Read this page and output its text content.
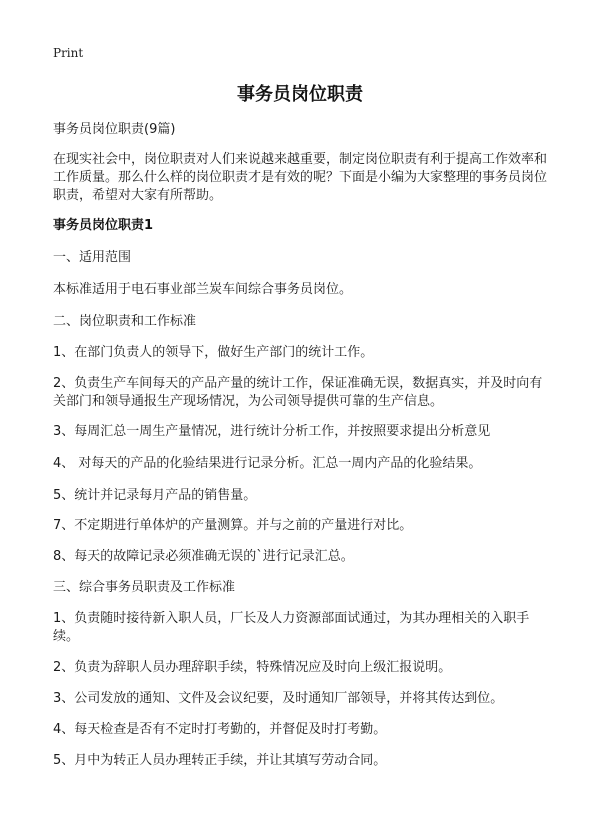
Print
事务员岗位职责
事务员岗位职责(9篇)
在现实社会中，岗位职责对人们来说越来越重要，制定岗位职责有利于提高工作效率和工作质量。那么什么样的岗位职责才是有效的呢？下面是小编为大家整理的事务员岗位职责，希望对大家有所帮助。
事务员岗位职责1
一、适用范围
本标准适用于电石事业部兰炭车间综合事务员岗位。
二、岗位职责和工作标准
1、在部门负责人的领导下，做好生产部门的统计工作。
2、负责生产车间每天的产品产量的统计工作，保证准确无误，数据真实，并及时向有关部门和领导通报生产现场情况，为公司领导提供可靠的生产信息。
3、每周汇总一周生产量情况，进行统计分析工作，并按照要求提出分析意见
4、 对每天的产品的化验结果进行记录分析。汇总一周内产品的化验结果。
5、统计并记录每月产品的销售量。
7、不定期进行单体炉的产量测算。并与之前的产量进行对比。
8、每天的故障记录必须准确无误的`进行记录汇总。
三、综合事务员职责及工作标准
1、负责随时接待新入职人员，厂长及人力资源部面试通过，为其办理相关的入职手续。
2、负责为辞职人员办理辞职手续，特殊情况应及时向上级汇报说明。
3、公司发放的通知、文件及会议纪要，及时通知厂部领导，并将其传达到位。
4、每天检查是否有不定时打考勤的，并督促及时打考勤。
5、月中为转正人员办理转正手续，并让其填写劳动合同。
